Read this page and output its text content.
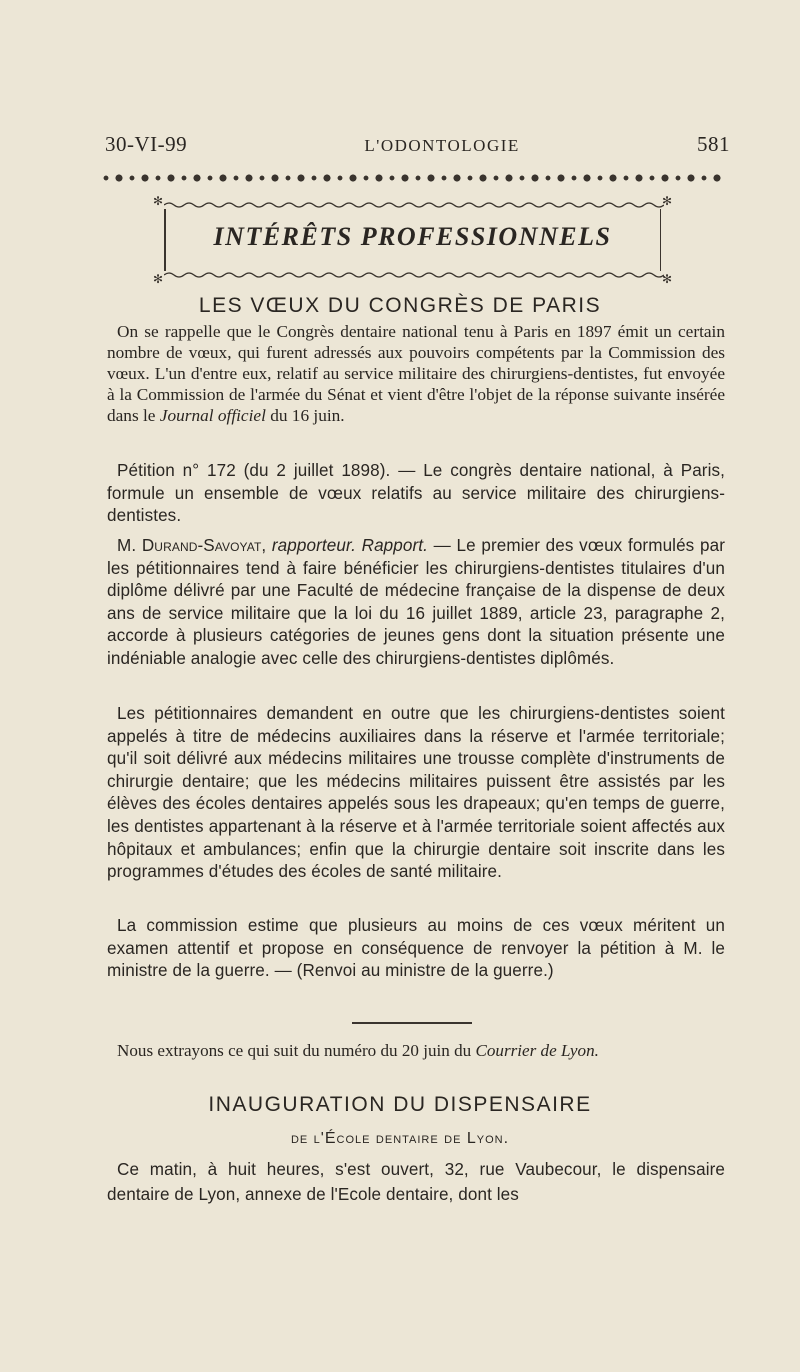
30-VI-99	L'ODONTOLOGIE	581
✻	✻
✻	✻
INTÉRÊTS PROFESSIONNELS
LES VŒUX DU CONGRÈS DE PARIS

On se rappelle que le Congrès dentaire national tenu à Paris en 1897 émit un certain nombre de vœux, qui furent adressés aux pouvoirs compétents par la Commission des vœux. L'un d'entre eux, relatif au service militaire des chirurgiens-dentistes, fut envoyée à la Commission de l'armée du Sénat et vient d'être l'objet de la réponse suivante insérée dans le Journal officiel du 16 juin.

Pétition n° 172 (du 2 juillet 1898). — Le congrès dentaire national, à Paris, formule un ensemble de vœux relatifs au service militaire des chirurgiens-dentistes.

M. Durand-Savoyat, rapporteur. Rapport. — Le premier des vœux formulés par les pétitionnaires tend à faire bénéficier les chirurgiens-dentistes titulaires d'un diplôme délivré par une Faculté de médecine française de la dispense de deux ans de service militaire que la loi du 16 juillet 1889, article 23, paragraphe 2, accorde à plusieurs catégories de jeunes gens dont la situation présente une indéniable analogie avec celle des chirurgiens-dentistes diplômés.

Les pétitionnaires demandent en outre que les chirurgiens-dentistes soient appelés à titre de médecins auxiliaires dans la réserve et l'armée territoriale; qu'il soit délivré aux médecins militaires une trousse complète d'instruments de chirurgie dentaire; que les médecins militaires puissent être assistés par les élèves des écoles dentaires appelés sous les drapeaux; qu'en temps de guerre, les dentistes appartenant à la réserve et à l'armée territoriale soient affectés aux hôpitaux et ambulances; enfin que la chirurgie dentaire soit inscrite dans les programmes d'études des écoles de santé militaire.

La commission estime que plusieurs au moins de ces vœux méritent un examen attentif et propose en conséquence de renvoyer la pétition à M. le ministre de la guerre. — (Renvoi au ministre de la guerre.)

Nous extrayons ce qui suit du numéro du 20 juin du Courrier de Lyon.

INAUGURATION DU DISPENSAIRE
de l'École dentaire de Lyon.

Ce matin, à huit heures, s'est ouvert, 32, rue Vaubecour, le dispensaire dentaire de Lyon, annexe de l'Ecole dentaire, dont les
